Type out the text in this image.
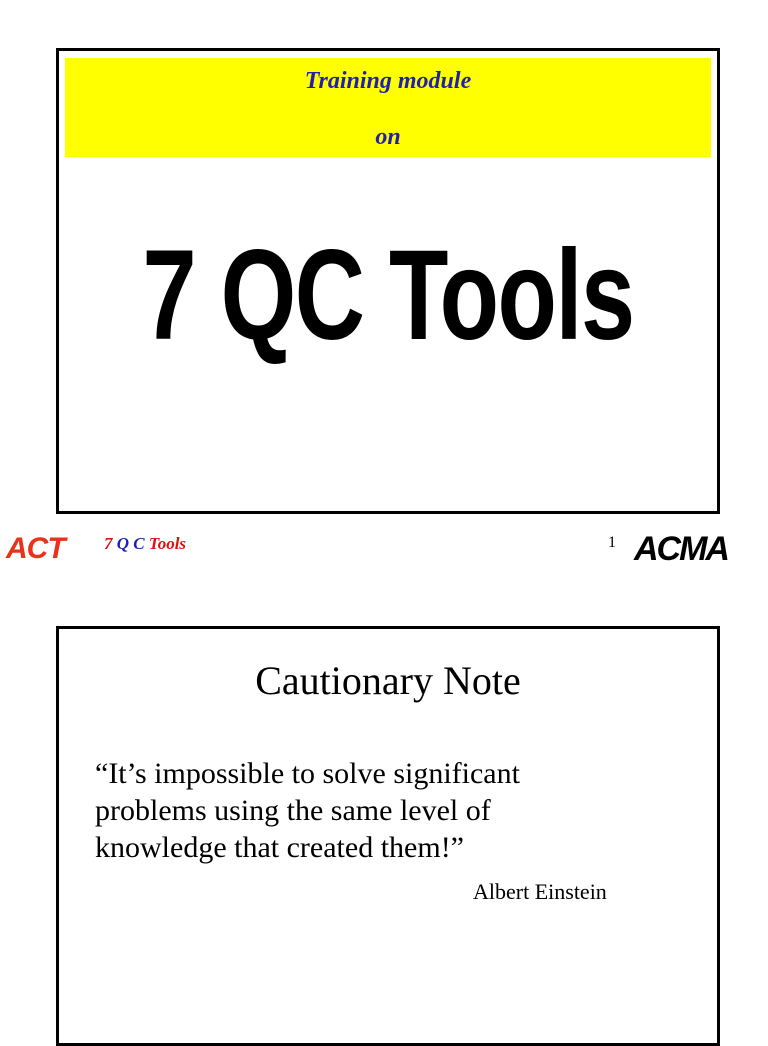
Training module
on
7 QC Tools
ACT 7 Q C Tools	1 ACMA
Cautionary Note
“It’s impossible to solve significant
problems using the same level of
knowledge that created them!”
Albert Einstein
